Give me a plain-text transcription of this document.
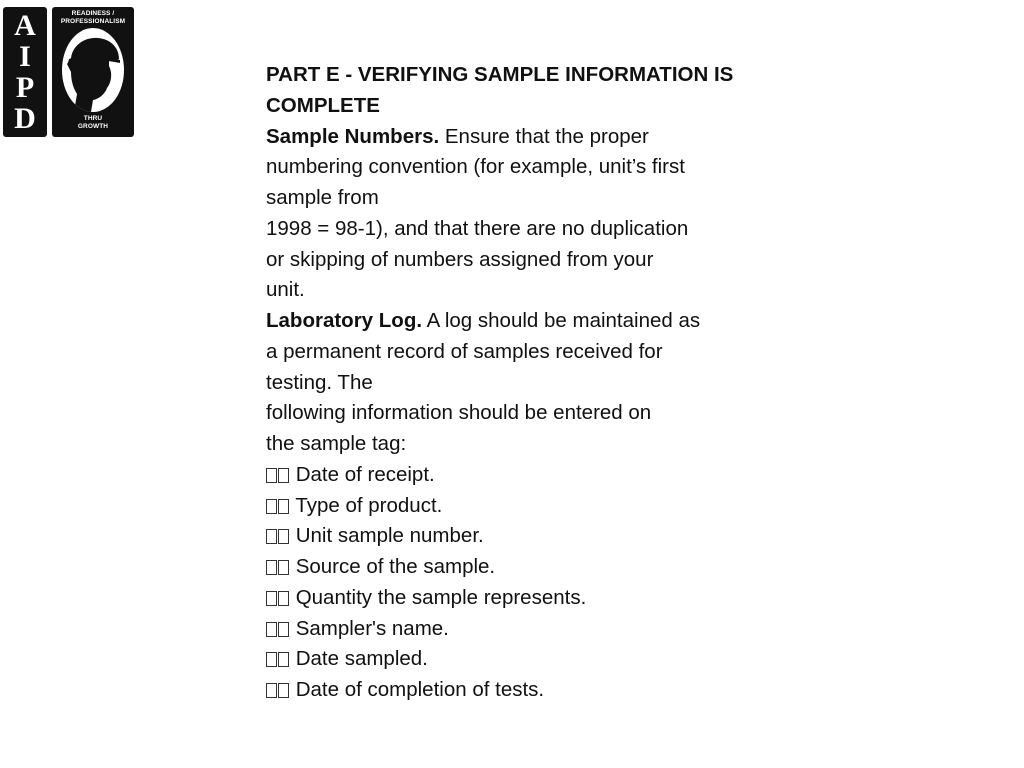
A
I
P
D
READINESS /
PROFESSIONALISM
THRU
GROWTH

PART E - VERIFYING SAMPLE INFORMATION IS
COMPLETE

Sample Numbers. Ensure that the proper
numbering convention (for example, unit’s first
sample from
1998 = 98-1), and that there are no duplication
or skipping of numbers assigned from your
unit.

Laboratory Log. A log should be maintained as
a permanent record of samples received for
testing. The
following information should be entered on
the sample tag:

Date of receipt.
Type of product.
Unit sample number.
Source of the sample.
Quantity the sample represents.
Sampler's name.
Date sampled.
Date of completion of tests.
